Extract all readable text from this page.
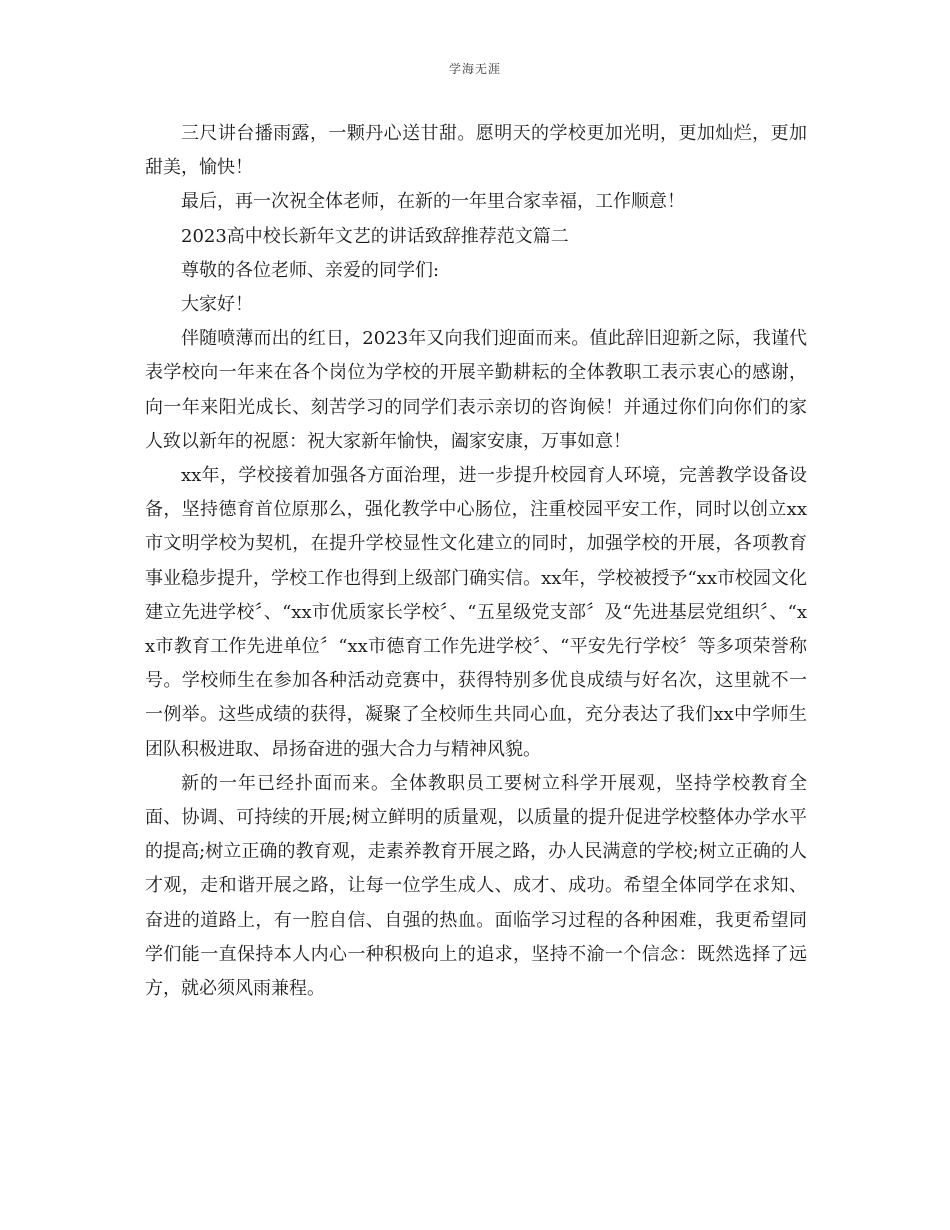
学海无涯

三尺讲台播雨露，一颗丹心送甘甜。愿明天的学校更加光明，更加灿烂，更加甜美，愉快！

最后，再一次祝全体老师，在新的一年里合家幸福，工作顺意！

2023高中校长新年文艺的讲话致辞推荐范文篇二

尊敬的各位老师、亲爱的同学们:

大家好！

伴随喷薄而出的红日，2023年又向我们迎面而来。值此辞旧迎新之际，我谨代表学校向一年来在各个岗位为学校的开展辛勤耕耘的全体教职工表示衷心的感谢，向一年来阳光成长、刻苦学习的同学们表示亲切的咨询候！并通过你们向你们的家人致以新年的祝愿：祝大家新年愉快，阖家安康，万事如意！

xx年，学校接着加强各方面治理，进一步提升校园育人环境，完善教学设备设备，坚持德育首位原那么，强化教学中心肠位，注重校园平安工作，同时以创立xx市文明学校为契机，在提升学校显性文化建立的同时，加强学校的开展，各项教育事业稳步提升，学校工作也得到上级部门确实信。xx年，学校被授予“xx市校园文化建立先进学校〞、“xx市优质家长学校〞、“五星级党支部〞及“先进基层党组织〞、“xx市教育工作先进单位〞“xx市德育工作先进学校〞、“平安先行学校〞等多项荣誉称号。学校师生在参加各种活动竞赛中，获得特别多优良成绩与好名次，这里就不一一例举。这些成绩的获得，凝聚了全校师生共同心血，充分表达了我们xx中学师生团队积极进取、昂扬奋进的强大合力与精神风貌。

新的一年已经扑面而来。全体教职员工要树立科学开展观，坚持学校教育全面、协调、可持续的开展;树立鲜明的质量观，以质量的提升促进学校整体办学水平的提高;树立正确的教育观，走素养教育开展之路，办人民满意的学校;树立正确的人才观，走和谐开展之路，让每一位学生成人、成才、成功。希望全体同学在求知、奋进的道路上，有一腔自信、自强的热血。面临学习过程的各种困难，我更希望同学们能一直保持本人内心一种积极向上的追求，坚持不渝一个信念：既然选择了远方，就必须风雨兼程。
